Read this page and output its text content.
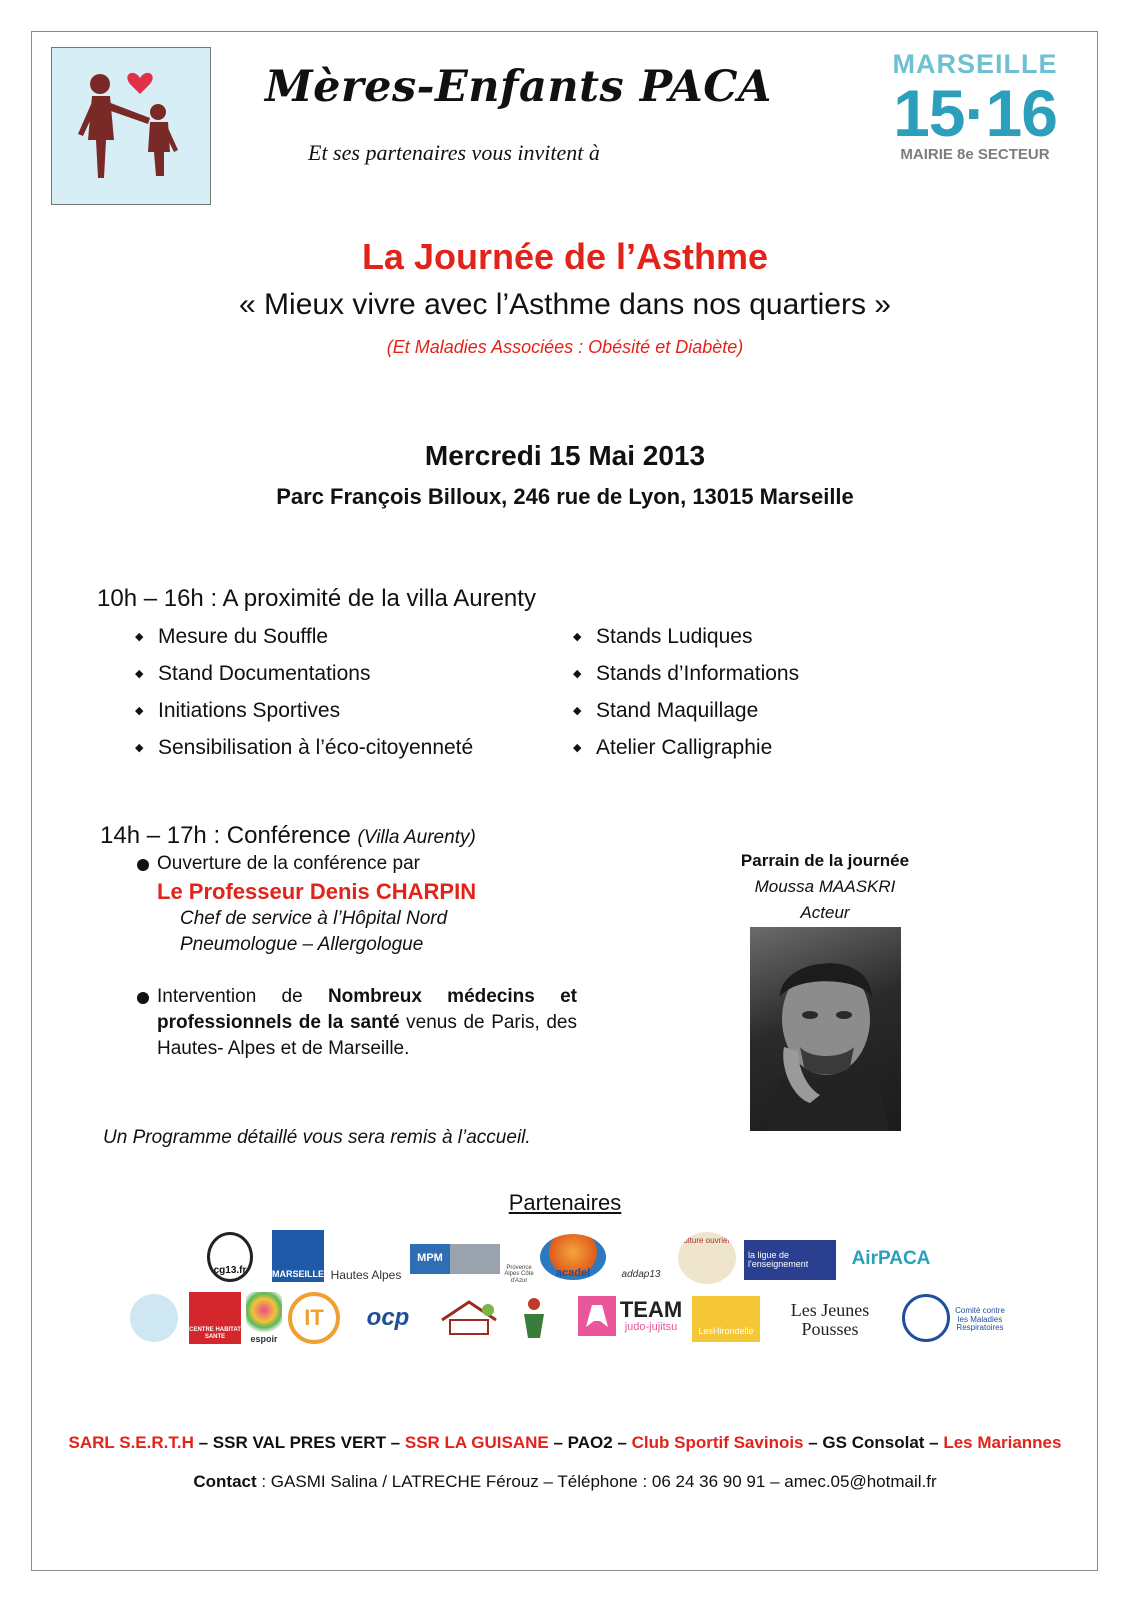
Mères-Enfants PACA
Et ses partenaires vous invitent à
MARSEILLE
15·16
MAIRIE 8e SECTEUR
La Journée de l’Asthme
« Mieux vivre avec l’Asthme dans nos quartiers »
(Et Maladies Associées : Obésité et Diabète)
Mercredi 15 Mai 2013
Parc François Billoux, 246 rue de Lyon, 13015 Marseille
10h – 16h : A proximité de la villa Aurenty
◆ Mesure du Souffle
◆ Stand Documentations
◆ Initiations Sportives
◆ Sensibilisation à l’éco-citoyenneté
◆ Stands Ludiques
◆ Stands d’Informations
◆ Stand Maquillage
◆ Atelier Calligraphie
14h – 17h : Conférence (Villa Aurenty)
Ouverture de la conférence par
Le Professeur Denis CHARPIN
Chef de service à l’Hôpital Nord
Pneumologue – Allergologue
Intervention de Nombreux médecins et professionnels de la santé venus de Paris, des Hautes- Alpes et de Marseille.
Un Programme détaillé vous sera remis à l’accueil.
Parrain de la journée
Moussa MAASKRI
Acteur
Partenaires
cg13.fr	MARSEILLE Hautes Alpes
MPM
Provence Alpes Côte d'Azur
acadel	addap13
culture ouvrière
la ligue de l'enseignement	AirPACA
CENTRE HABITAT SANTE	espoir
IT	ocp	TEAM
judo-jujitsu	LesHirondelle
Les Jeunes Pousses
Comité contre les Maladies Respiratoires
SARL S.E.R.T.H – SSR VAL PRES VERT – SSR LA GUISANE – PAO2 – Club Sportif Savinois – GS Consolat – Les Mariannes
Contact : GASMI Salina / LATRECHE Férouz – Téléphone : 06 24 36 90 91 – amec.05@hotmail.fr
